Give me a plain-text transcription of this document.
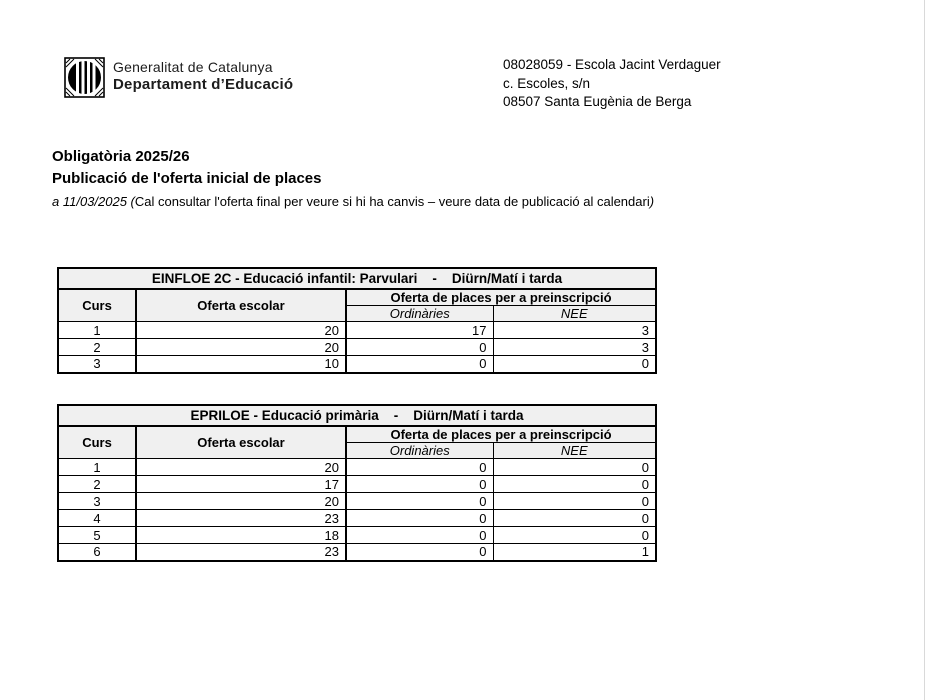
Generalitat de Catalunya
Departament d’Educació
08028059 - Escola Jacint Verdaguer
c. Escoles, s/n
08507 Santa Eugènia de Berga
Obligatòria 2025/26
Publicació de l'oferta inicial de places
a 11/03/2025 (Cal consultar l'oferta final per veure si hi ha canvis – veure data de publicació al calendari)
EINFLOE 2C - Educació infantil: Parvulari    -    Diürn/Matí i tarda			
Curs	Oferta escolar	Oferta de places per a preinscripció	
		Ordinàries	NEE
1	20	17	3
2	20	0	3
3	10	0	0
EPRILOE - Educació primària    -    Diürn/Matí i tarda			
Curs	Oferta escolar	Oferta de places per a preinscripció	
		Ordinàries	NEE
1	20	0	0
2	17	0	0
3	20	0	0
4	23	0	0
5	18	0	0
6	23	0	1
